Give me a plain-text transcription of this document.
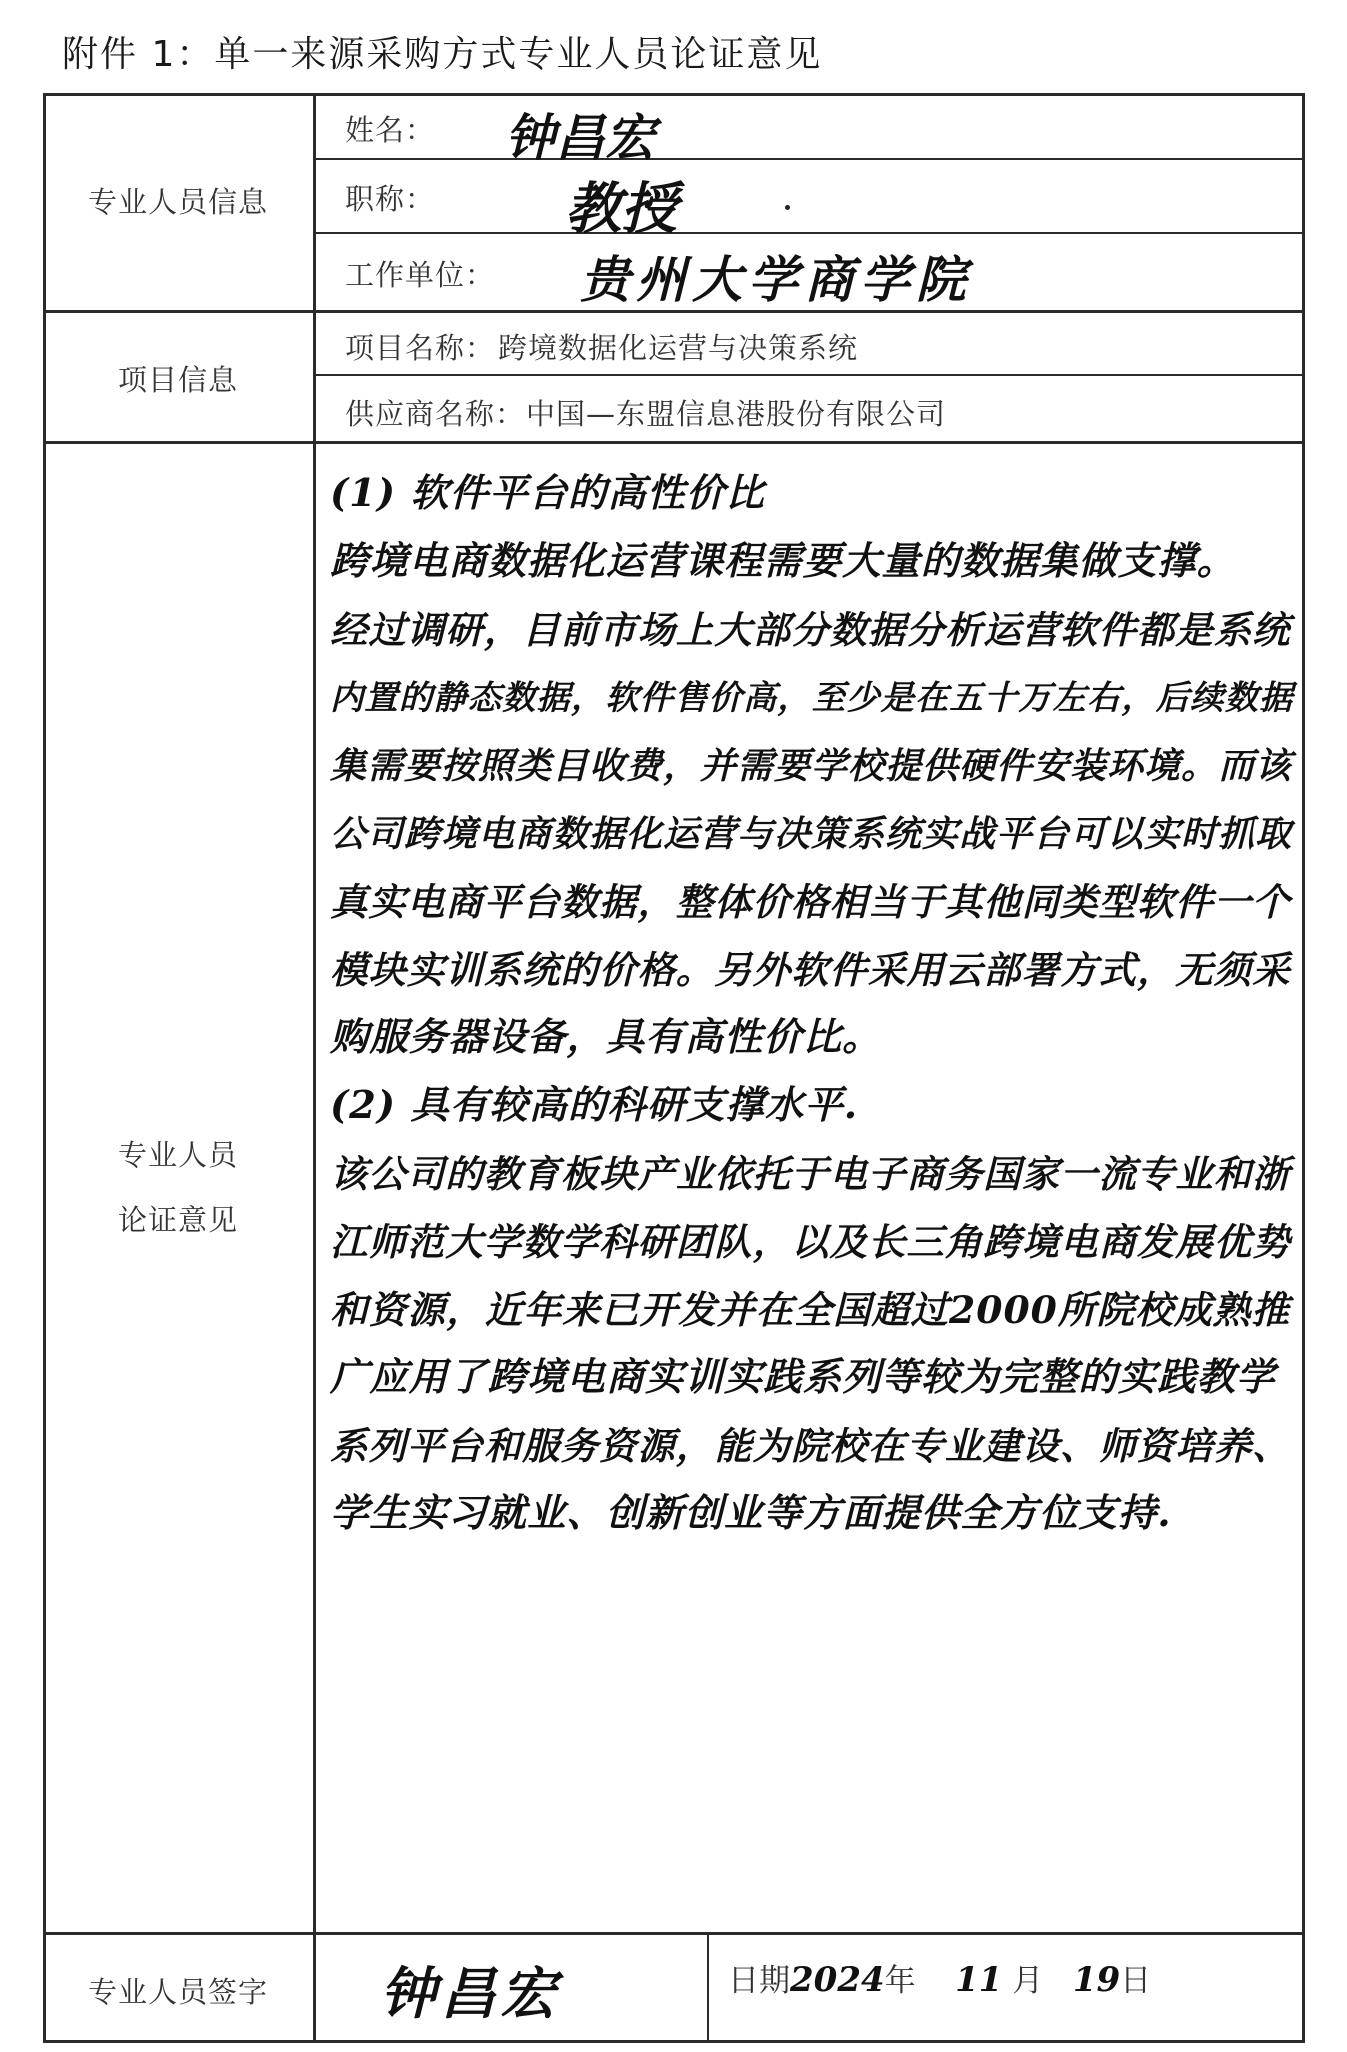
附件 1：单一来源采购方式专业人员论证意见
专业人员信息
姓名： 钟昌宏
职称： 教授
工作单位： 贵州大学商学院
项目信息
项目名称： 跨境数据化运营与决策系统
供应商名称： 中国—东盟信息港股份有限公司
专业人员
论证意见
(1) 软件平台的高性价比
跨境电商数据化运营课程需要大量的数据集做支撑。
经过调研，目前市场上大部分数据分析运营软件都是系统
内置的静态数据，软件售价高，至少是在五十万左右，后续数据
集需要按照类目收费，并需要学校提供硬件安装环境。而该
公司跨境电商数据化运营与决策系统实战平台可以实时抓取
真实电商平台数据，整体价格相当于其他同类型软件一个
模块实训系统的价格。另外软件采用云部署方式，无须采
购服务器设备，具有高性价比。
(2) 具有较高的科研支撑水平.
该公司的教育板块产业依托于电子商务国家一流专业和浙
江师范大学数学科研团队，以及长三角跨境电商发展优势
和资源，近年来已开发并在全国超过2000所院校成熟推
广应用了跨境电商实训实践系列等较为完整的实践教学
系列平台和服务资源，能为院校在专业建设、师资培养、
学生实习就业、创新创业等方面提供全方位支持.
专业人员签字	钟昌宏	日期2024年 11 月 19日
